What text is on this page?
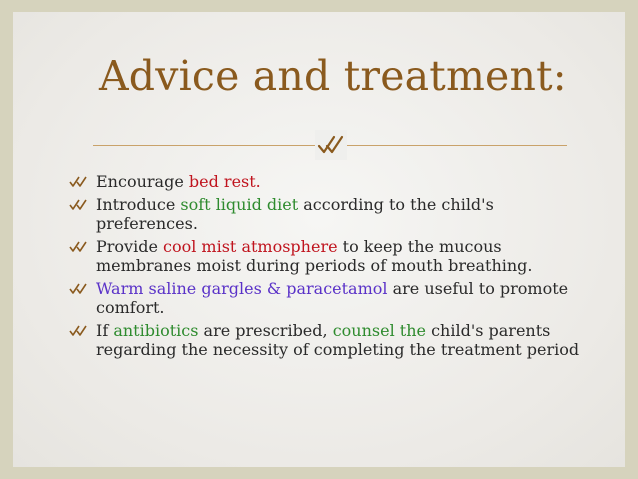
Advice and treatment:
Encourage bed rest.
Introduce soft liquid diet according to the child's preferences.
Provide cool mist atmosphere to keep the mucous membranes moist during periods of mouth breathing.
Warm saline gargles & paracetamol are useful to promote comfort.
If antibiotics are prescribed, counsel the child's parents regarding the necessity of completing the treatment period
